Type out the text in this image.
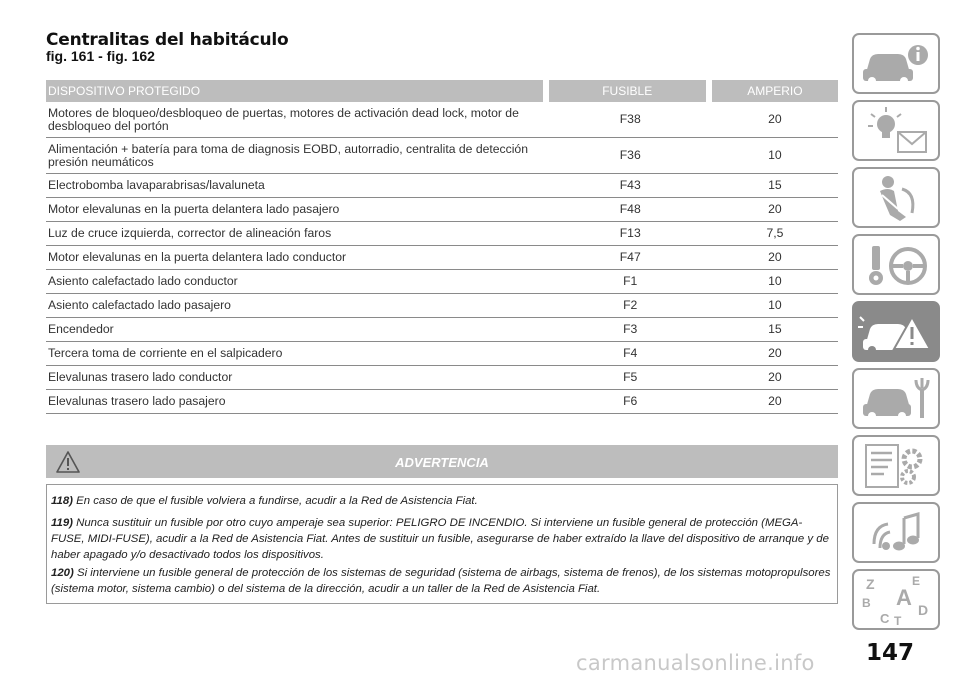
Centralitas del habitáculo
fig. 161 - fig. 162
DISPOSITIVO PROTEGIDO	FUSIBLE	AMPERIO
Motores de bloqueo/desbloqueo de puertas, motores de activación dead lock, motor de desbloqueo del portón	F38	20
Alimentación + batería para toma de diagnosis EOBD, autorradio, centralita de detección presión neumáticos	F36	10
Electrobomba lavaparabrisas/lavaluneta	F43	15
Motor elevalunas en la puerta delantera lado pasajero	F48	20
Luz de cruce izquierda, corrector de alineación faros	F13	7,5
Motor elevalunas en la puerta delantera lado conductor	F47	20
Asiento calefactado lado conductor	F1	10
Asiento calefactado lado pasajero	F2	10
Encendedor	F3	15
Tercera toma de corriente en el salpicadero	F4	20
Elevalunas trasero lado conductor	F5	20
Elevalunas trasero lado pasajero	F6	20
ADVERTENCIA

118) En caso de que el fusible volviera a fundirse, acudir a la Red de Asistencia Fiat.

119) Nunca sustituir un fusible por otro cuyo amperaje sea superior: PELIGRO DE INCENDIO. Si interviene un fusible general de protección (MEGA-FUSE, MIDI-FUSE), acudir a la Red de Asistencia Fiat. Antes de sustituir un fusible, asegurarse de haber extraído la llave del dispositivo de arranque y de haber apagado y/o desactivado todos los dispositivos.

120) Si interviene un fusible general de protección de los sistemas de seguridad (sistema de airbags, sistema de frenos), de los sistemas motopropulsores (sistema motor, sistema cambio) o del sistema de la dirección, acudir a un taller de la Red de Asistencia Fiat.	Z	E
B A
C T
D
147
carmanualsonline.info
